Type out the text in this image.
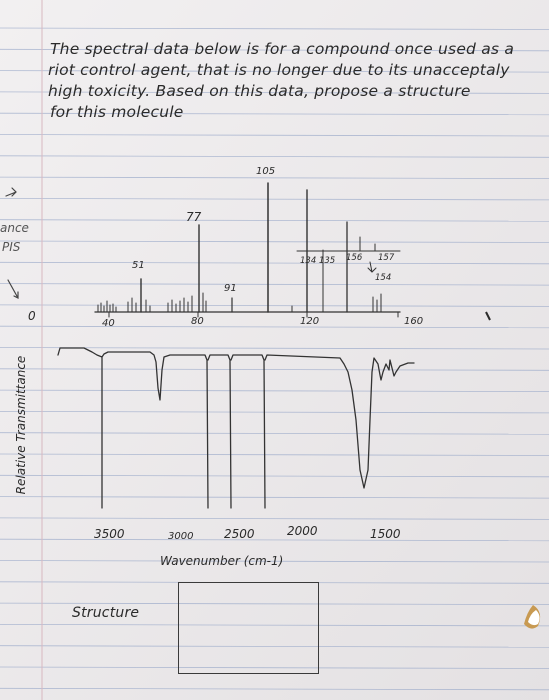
The spectral data below is for a compound once used as a
riot control agent, that is no longer due to its unacceptaly
high toxicity. Based on this data, propose a structure
for this molecule
ance
PIS
0
51
77
91
105
134 135 156 157
154
40	80	120	160
Relative Transmittance
3500	3000	2500	2000	1500
Wavenumber (cm-1)
Structure
